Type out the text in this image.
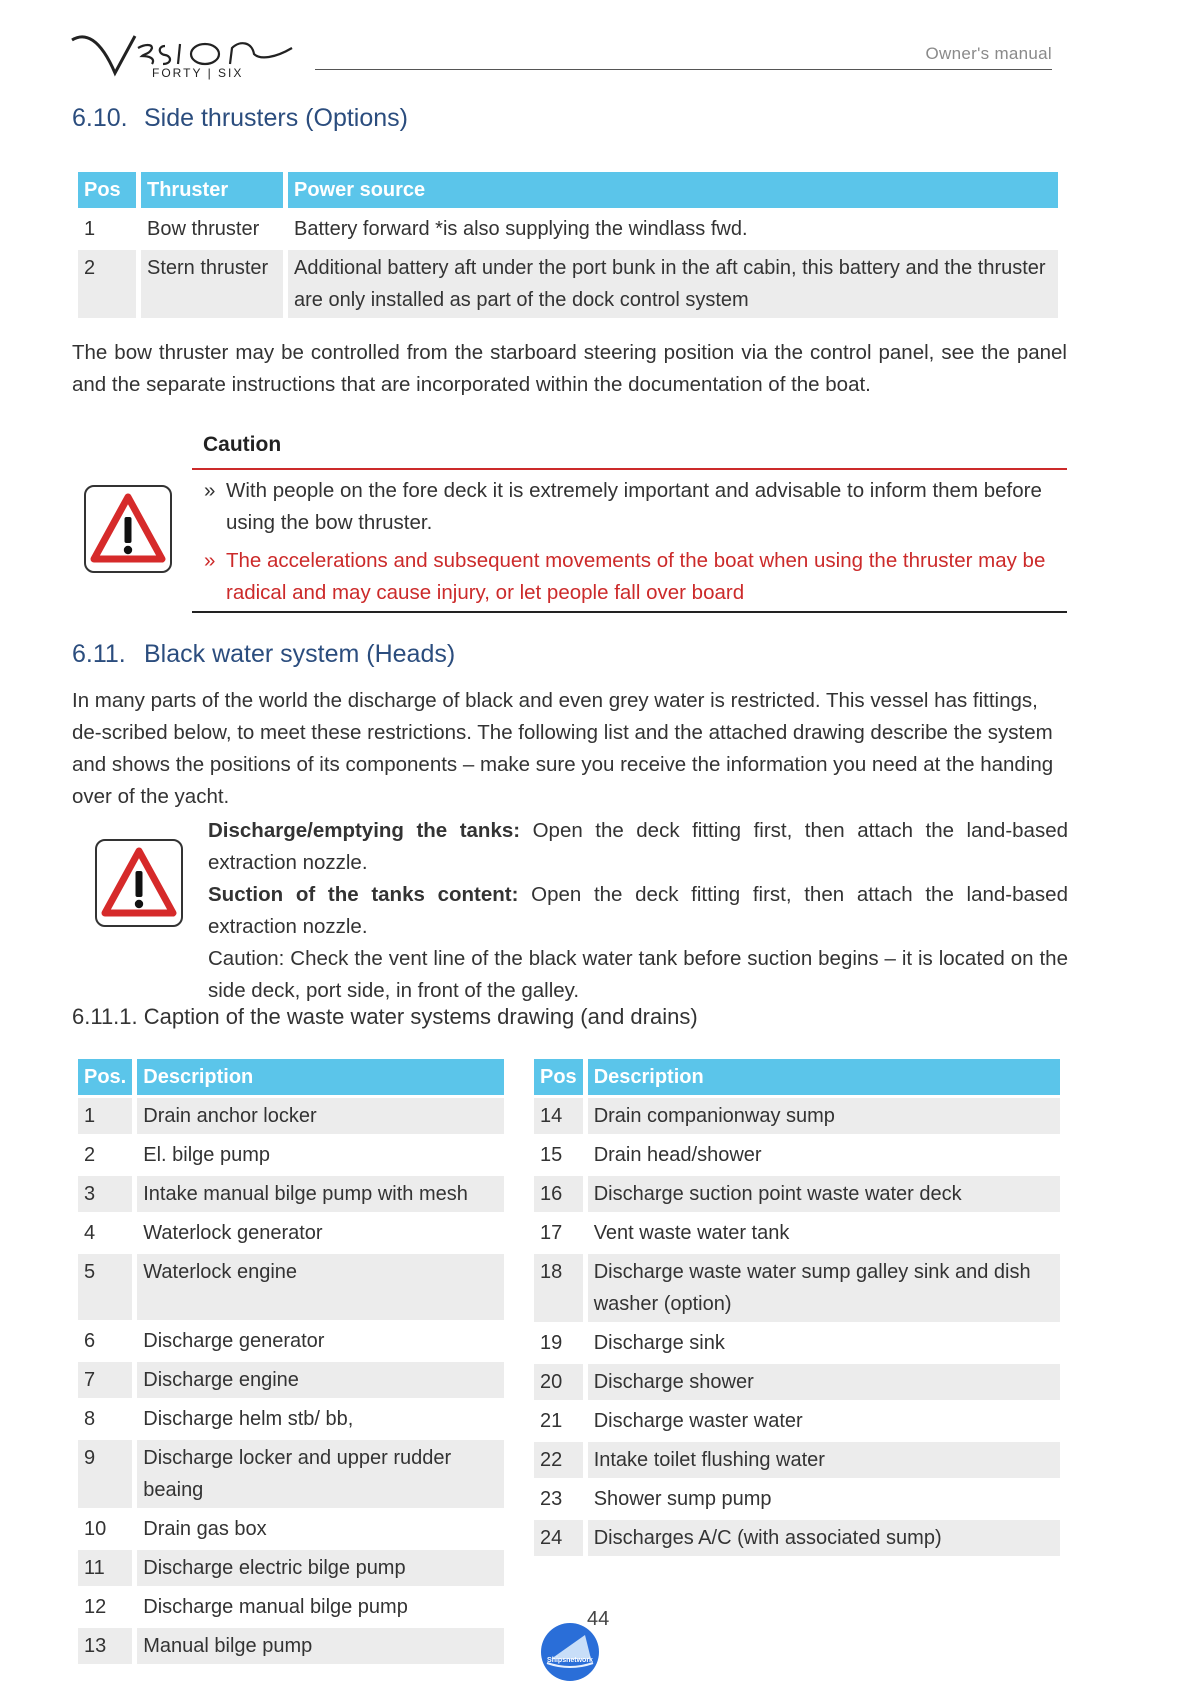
FORTY | SIX
Owner's manual
6.10. Side thrusters (Options)
Pos	Thruster	Power source
1	Bow thruster	Battery forward *is also supplying the windlass fwd.
2	Stern thruster	Additional battery aft under the port bunk in the aft cabin, this battery and the thruster are only installed as part of the dock control system
The bow thruster may be controlled from the starboard steering position via the control panel, see the panel and the separate instructions that are incorporated within the documentation of the boat.
Caution
» With people on the fore deck it is extremely important and advisable to inform them before using the bow thruster.
» The accelerations and subsequent movements of the boat when using the thruster may be radical and may cause injury, or let people fall over board
6.11. Black water system (Heads)
In many parts of the world the discharge of black and even grey water is restricted. This vessel has fittings, de-scribed below, to meet these restrictions. The following list and the attached drawing describe the system and shows the positions of its components – make sure you receive the information you need at the handing over of the yacht.
Discharge/emptying the tanks: Open the deck fitting first, then attach the land-based extraction nozzle.
Suction of the tanks content: Open the deck fitting first, then attach the land-based extraction nozzle.
Caution: Check the vent line of the black water tank before suction begins – it is located on the side deck, port side, in front of the galley.
6.11.1. Caption of the waste water systems drawing (and drains)
Pos.	Description
1	Drain anchor locker
2	El. bilge pump
3	Intake manual bilge pump with mesh
4	Waterlock generator
5	Waterlock engine
6	Discharge generator
7	Discharge engine
8	Discharge helm stb/ bb,
9	Discharge locker and upper rudder beaing
10	Drain gas box
11	Discharge electric bilge pump
12	Discharge manual bilge pump
13	Manual bilge pump
Pos	Description
14	Drain companionway sump
15	Drain head/shower
16	Discharge suction point waste water deck
17	Vent waste water tank
18	Discharge waste water sump galley sink and dish washer (option)
19	Discharge sink
20	Discharge shower
21	Discharge waster water
22	Intake toilet flushing water
23	Shower sump pump
24	Discharges A/C (with associated sump)
44
Shipsnetwork
